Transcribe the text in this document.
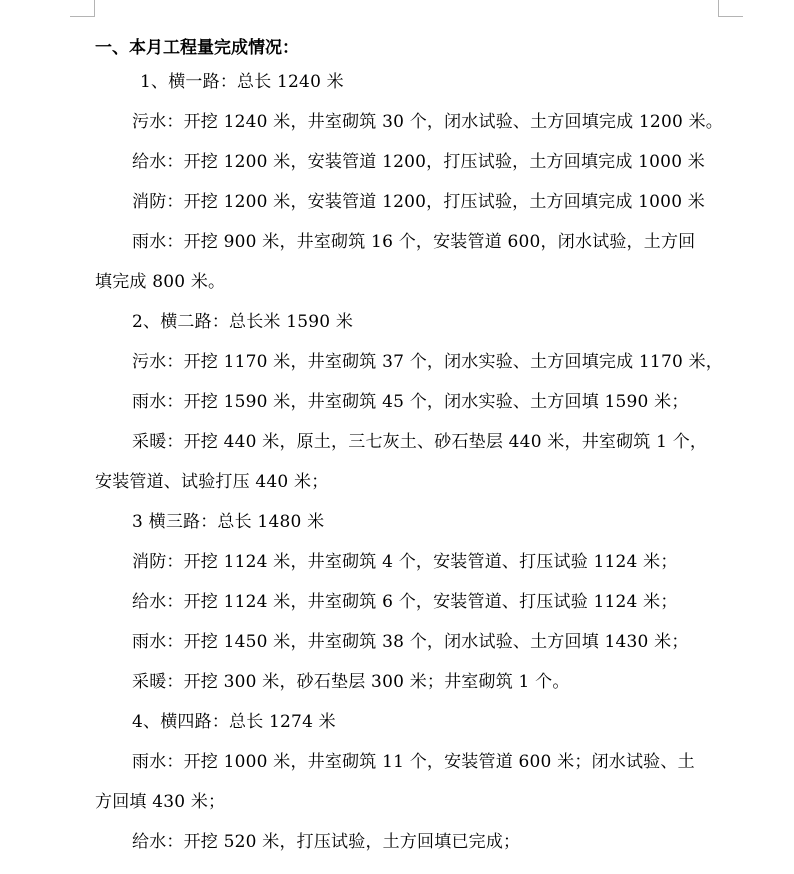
一、本月工程量完成情况：
1、横一路：总长 1240 米
污水：开挖 1240 米，井室砌筑 30 个，闭水试验、土方回填完成 1200 米。
给水：开挖 1200 米，安装管道 1200，打压试验，土方回填完成 1000 米
消防：开挖 1200 米，安装管道 1200，打压试验，土方回填完成 1000 米
雨水：开挖 900 米，井室砌筑 16 个，安装管道 600，闭水试验，土方回
填完成 800 米。
2、横二路：总长米 1590 米
污水：开挖 1170 米，井室砌筑 37 个，闭水实验、土方回填完成 1170 米，
雨水：开挖 1590 米，井室砌筑 45 个，闭水实验、土方回填 1590 米；
采暖：开挖 440 米，原土，三七灰土、砂石垫层 440 米，井室砌筑 1 个，
安装管道、试验打压 440 米；
3 横三路：总长 1480 米
消防：开挖 1124 米，井室砌筑 4 个，安装管道、打压试验 1124 米；
给水：开挖 1124 米，井室砌筑 6 个，安装管道、打压试验 1124 米；
雨水：开挖 1450 米，井室砌筑 38 个，闭水试验、土方回填 1430 米；
采暖：开挖 300 米，砂石垫层 300 米；井室砌筑 1 个。
4、横四路：总长 1274 米
雨水：开挖 1000 米，井室砌筑 11 个，安装管道 600 米；闭水试验、土
方回填 430 米；
给水：开挖 520 米，打压试验，土方回填已完成；
